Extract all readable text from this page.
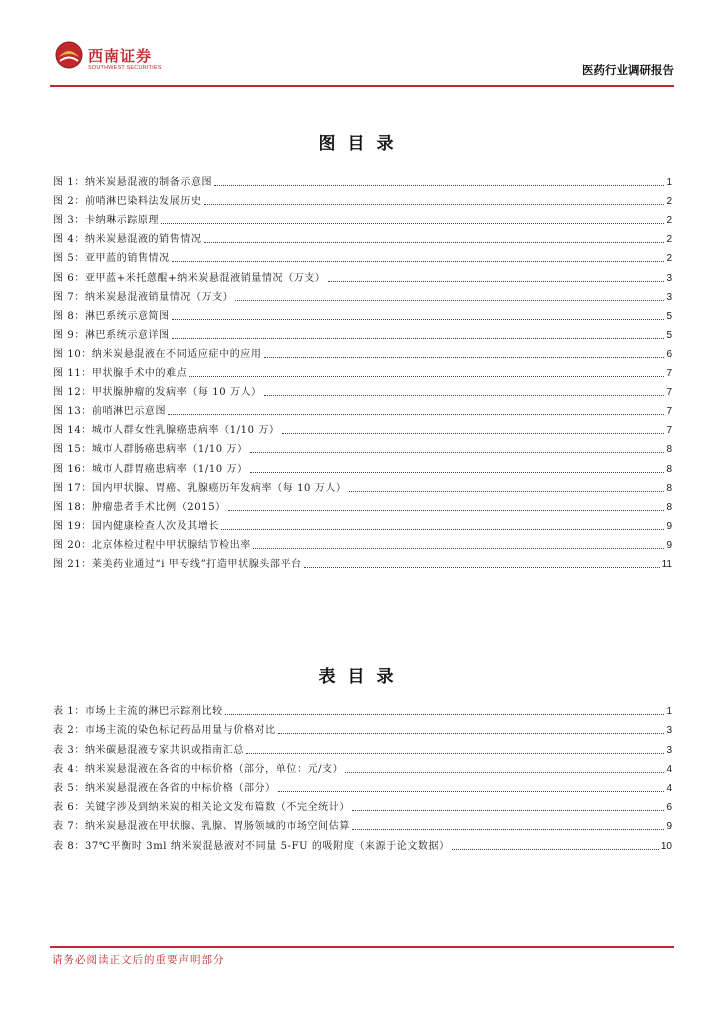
西南证券
SOUTHWEST SECURITIES	医药行业调研报告
图目录
图 1：纳米炭悬混液的制备示意图	1
图 2：前哨淋巴染料法发展历史	2
图 3：卡纳琳示踪原理	2
图 4：纳米炭悬混液的销售情况	2
图 5：亚甲蓝的销售情况	2
图 6：亚甲蓝+米托蒽醌+纳米炭悬混液销量情况（万支）	3
图 7：纳米炭悬混液销量情况（万支）	3
图 8：淋巴系统示意简图	5
图 9：淋巴系统示意详图	5
图 10：纳米炭悬混液在不同适应症中的应用	6
图 11：甲状腺手术中的难点	7
图 12：甲状腺肿瘤的发病率（每 10 万人）	7
图 13：前哨淋巴示意图	7
图 14：城市人群女性乳腺癌患病率（1/10 万）	7
图 15：城市人群肠癌患病率（1/10 万）	8
图 16：城市人群胃癌患病率（1/10 万）	8
图 17：国内甲状腺、胃癌、乳腺癌历年发病率（每 10 万人）	8
图 18：肿瘤患者手术比例（2015）	8
图 19：国内健康检查人次及其增长	9
图 20：北京体检过程中甲状腺结节检出率	9
图 21：莱美药业通过“i 甲专线”打造甲状腺头部平台	11
表目录
表 1：市场上主流的淋巴示踪剂比较	1
表 2：市场主流的染色标记药品用量与价格对比	3
表 3：纳米碳悬混液专家共识或指南汇总	3
表 4：纳米炭悬混液在各省的中标价格（部分，单位：元/支）	4
表 5：纳米炭悬混液在各省的中标价格（部分）	4
表 6：关键字涉及到纳米炭的相关论文发布篇数（不完全统计）	6
表 7：纳米炭悬混液在甲状腺、乳腺、胃肠领域的市场空间估算	9
表 8：37℃平衡时 3ml 纳米炭混悬液对不同量 5-FU 的吸附度（来源于论文数据）	10
请务必阅读正文后的重要声明部分
